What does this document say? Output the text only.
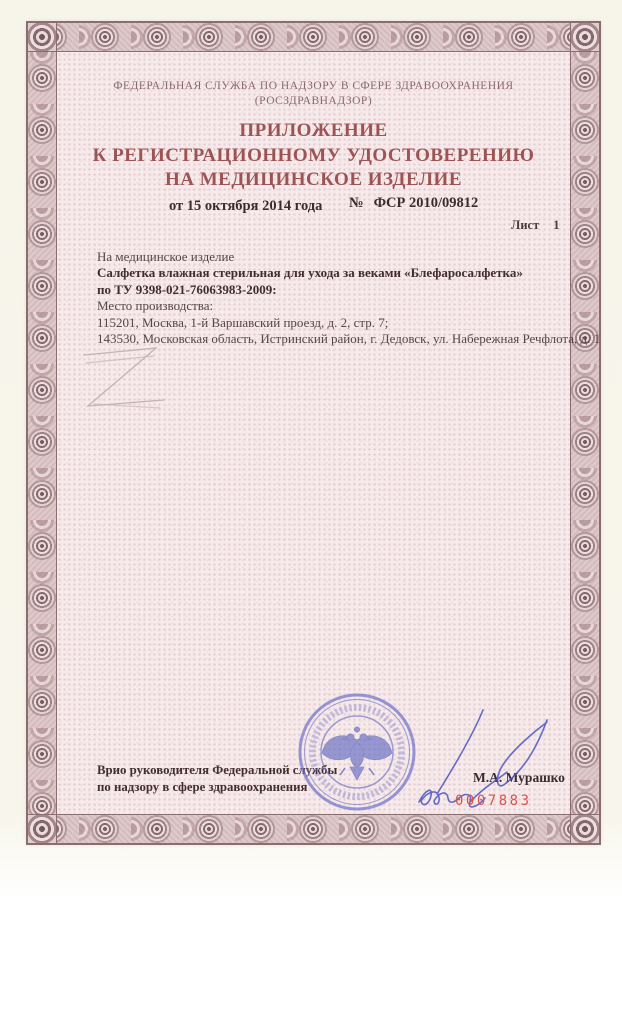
ФЕДЕРАЛЬНАЯ СЛУЖБА ПО НАДЗОРУ В СФЕРЕ ЗДРАВООХРАНЕНИЯ
(РОСЗДРАВНАДЗОР)
ПРИЛОЖЕНИЕ
К РЕГИСТРАЦИОННОМУ УДОСТОВЕРЕНИЮ
НА МЕДИЦИНСКОЕ ИЗДЕЛИЕ
от 15 октября 2014 года № ФСР 2010/09812
Лист 1
На медицинское изделие
Салфетка влажная стерильная для ухода за веками «Блефаросалфетка»
по ТУ 9398-021-76063983-2009:
Место производства:
115201, Москва, 1-й Варшавский проезд, д. 2, стр. 7;
143530, Московская область, Истринский район, г. Дедовск, ул. Набережная Речфлота, д. 1
Врио руководителя Федеральной службы
по надзору в сфере здравоохранения
М.А. Мурашко
0007883
